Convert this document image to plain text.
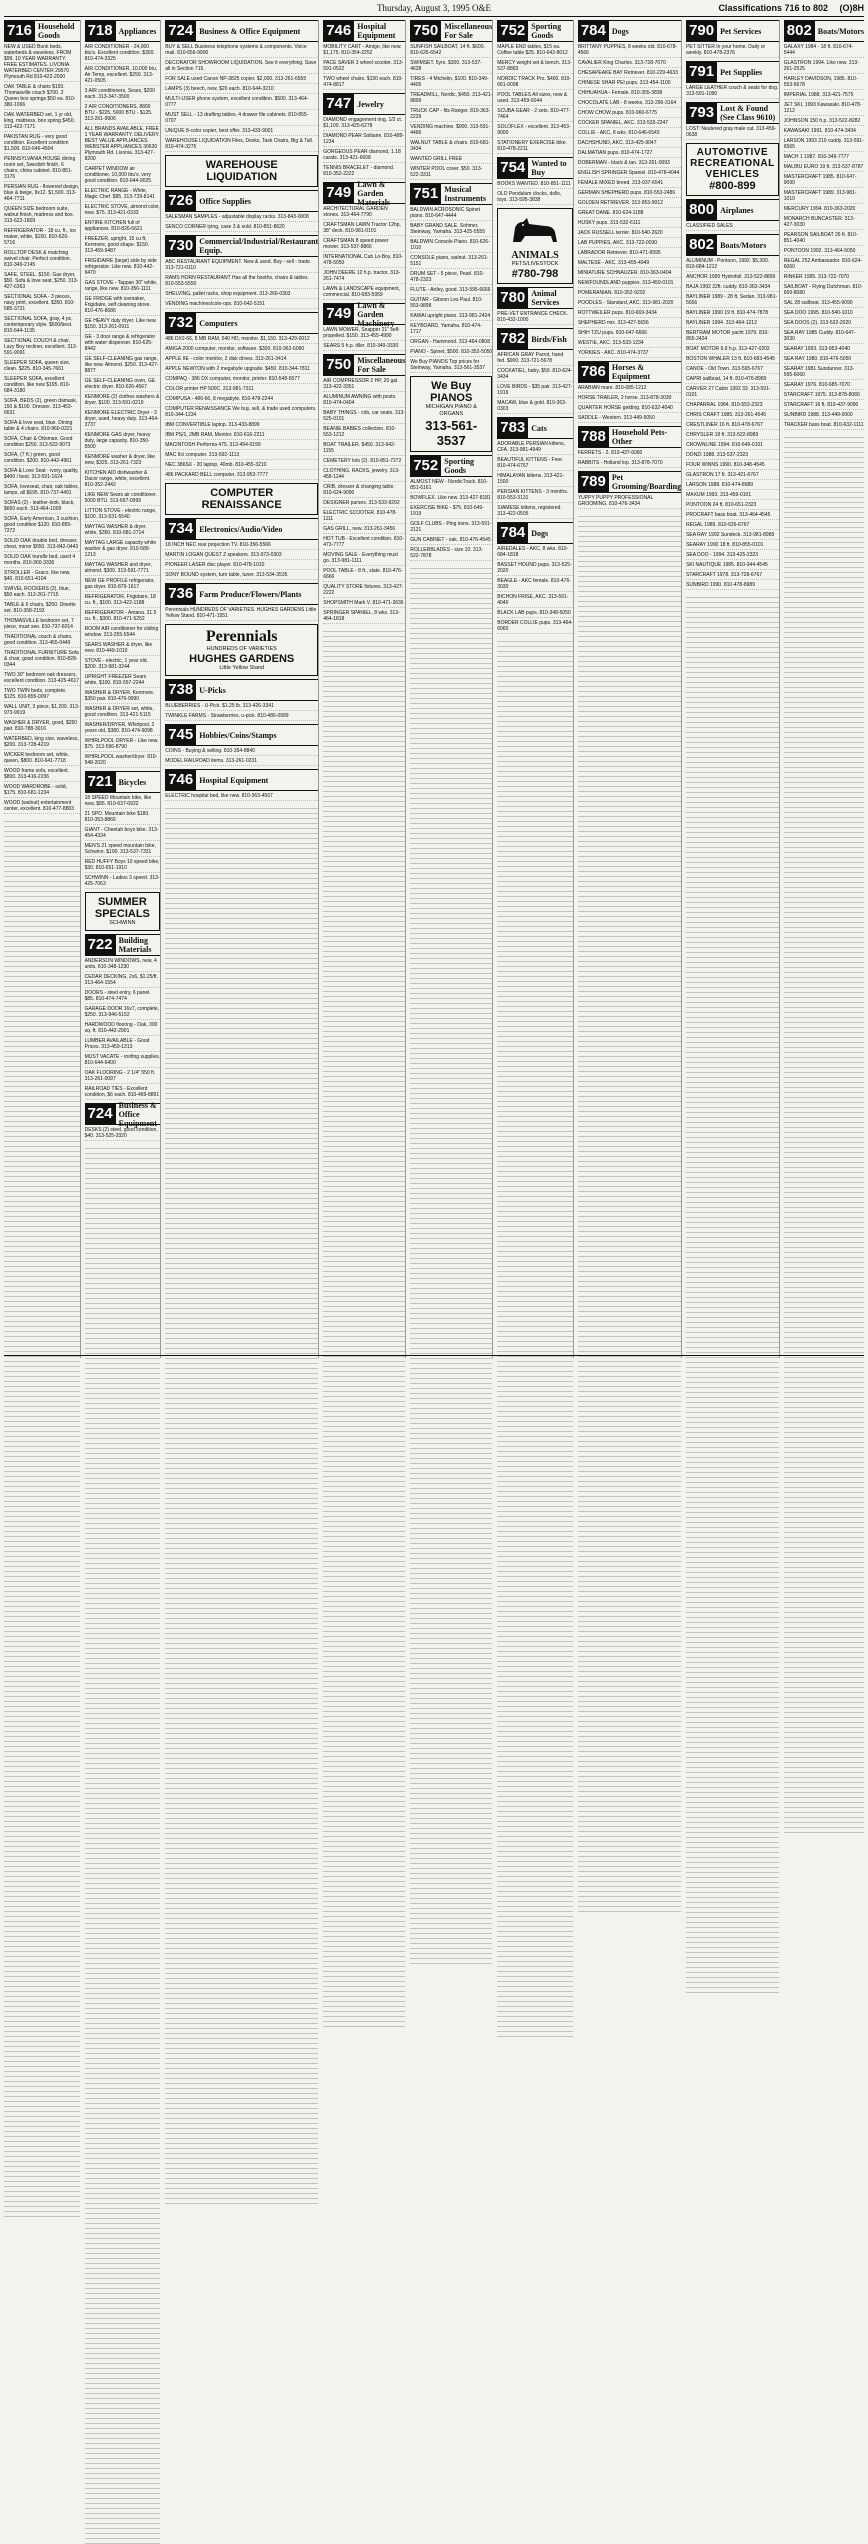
Thursday, August 3, 1995 O&E	Classifications 716 to 802 (O)8H
716 Household Goods
NEW & USED Bunk beds, waterbeds & waveless. FROM $99. 10 YEAR WARRANTY. FREE ESTIMATES. LIVONIA WATERBED CENTER 29570 Plymouth Rd 810-422-2000
OAK TABLE & chairs $150. Thomasville couch $700. 2 Queen box springs $50 ea. 810-380-1066
OAK WATERBED set, 1 yr old, king, mattress, box spring $450. 313-422-7171
PAKISTAN RUG - very good condition. Excellent condition $1,500. 810-646-4504
PENNSYLVANIA HOUSE dining room set, Swedish finish, 6 chairs, china cabinet. 810-851-3176
PERSIAN RUG - flowered design, blue & beige, 9x12. $1,500. 313-464-7711
QUEEN SIZE bedroom suite, walnut finish, mattress and box. 313-622-1809
REFRIGERATOR - 18 cu. ft., ice maker, white, $150. 810-626-5716
ROLLTOP DESK & matching swivel chair. Perfect condition. 810-349-2145
SAFE, STEEL. $150. Gas dryer, $50. Sofa & love seat, $250. 313-427-6363
SECTIONAL SOFA - 3 pieces, navy print, excellent. $350. 810-585-3721
SECTIONAL SOFA, gray, 4 pc, contemporary style. $600/best. 810-644-1135
SECTIONAL COUCH & chair, Lazy Boy recliner, excellent. 313-591-9091
SLEEPER SOFA, queen size, clean. $225. 810-345-7661
SLEEPER SOFA, excellent condition, like new $195. 810-684-3180
SOFA, BEDS (2), green damask, 150 & $100. Dresser. 313-453-6631
SOFA & love seat, blue. Dining table & 4 chairs. 810-960-0321
SOFA, Chair & Ottoman. Good condition $250. 313-522-9073
SOFA, (7 ft.) green, good condition. $200. 810-442-4961
SOFA & Love Seat - ivory, quality, $400 / best. 313-591-1624
SOFA, loveseat, chair, oak tables, lamps, all $695. 810-737-4491
SOFAS (2) - leather-look, black, $650 each. 313-464-1009
SOFA, Early American, 3 cushion, good condition $120. 810-855-7272
SOLID OAK double bed, dresser, chest, mirror $650. 313-842-0443
SOLID OAK trundle bed, used 4 months. 810-360-3336
STROLLER - Graco, like new, $40. 810-651-4104
SWIVEL ROCKERS (2), blue, $50 each. 313-261-7715
TABLE & 6 chairs, $250. Dinette set. 810-358-2193
THOMASVILLE bedroom set, 7 piece, must see. 810-737-6014
TRADITIONAL couch & chairs, good condition. 313-455-0449
TRADITIONAL FURNITURE Sofa & chair, good condition. 810-828-0344
TWO 30" bedroom oak dressers, excellent condition. 313-425-4617
TWO TWIN beds, complete. $125. 810-855-0097
WALL UNIT, 3 piece, $1,200. 313-973-9919
WASHER & DRYER, good, $250 pair. 810-788-3016
WATERBED, king size, waveless, $200. 313-728-4219
WICKER bedroom set, white, queen, $800. 810-641-7718
WOOD frame sofa, excellent. $800. 313-416-2236
WOOD WARDROBE - solid, $175. 810-681-1234
WOOD (walnut) entertainment center, excellent. 810-477-8803
718 Appliances
AIR CONDITIONER - 24,000 btu's. Excellent condition. $300. 810-474-3325
AIR CONDITIONER, 10,000 btu, Air Temp, excellent. $250. 313-421-0505
3 AIR conditioners, Sears, $200 each. 313-347-3500
2 AIR CONDITIONERS, 8800 BTU - $225, 5000 BTU - $125. 313-261-9906
ALL BRANDS AVAILABLE. FREE 1 YEAR WARRANTY. DELIVERY. BEST VALUE APPLIANCES. WEBSTER APPLIANCES 30630 Plymouth Rd. Livonia. 313-427-8200
CARPET WINDOW air conditioner, 10,000 btu's, very good condition. 810-644-9025
ELECTRIC RANGE - White, Magic Chef. $85. 313-729-8141
ELECTRIC STOVE, almond color, new. $75. 313-421-0333
ENTIRE KITCHEN full of appliances. 810-826-6621
FREEZER, upright, 15 cu ft, Kenmore, good shape. $150. 313-459-9487
FRIGIDAIRE (large) side by side refrigerator. Like new. 810-442-9470
GAS STOVE - Tappan 30" white, range, like new. 810-356-1111
GE FRIDGE with icemaker, Frigidaire, self cleaning stove. 810-476-8686
GE HEAVY duty dryer. Like new. $150. 313-261-0911
GE - 3 door range & refrigerator with water dispenser. 810-625-8442
GE SELF-CLEANING gas range, like new. Almond. $250. 313-427-8877
GE SELF-CLEANING oven, GE electric dryer. 810-626-4567
KENMORE (2) clothes washers & dryer. $100. 313-591-0219
KENMORE ELECTRIC Dryer - 3 dryer, used, heavy duty. 313-464-3737
KENMORE GAS dryer, heavy duty, large capacity. 810-350-5500
KENMORE washer & dryer, like new, $325. 313-261-7323
KITCHEN AID dishwasher & Dacor range, white, excellent. 810-352-2442
LIKE NEW Sears air conditioner. 5000 BTU. 313-697-0999
LITTON STOVE - electric range, $100. 313-531-5540
MAYTAG WASHER & dryer, white, $350. 810-681-2714
MAYTAG LARGE capacity white washer & gas dryer. 810-589-1213
MAYTAG WASHER and dryer, almond. $300. 313-591-7771
NEW GE PROFILE refrigerator, gas dryer. 810-879-1617
REFRIGERATOR, Frigidaire, 18 cu. ft., $100. 313-422-1188
REFRIGERATOR - Amana. 21.5 cu. ft., $300. 810-471-5252
ROOM AIR conditioner for sliding window. 313-255-5544
SEARS WASHER & dryer, like new. 810-449-1010
STOVE - electric, 1 year old. $200. 313-981-3244
UPRIGHT FREEZER Sears white, $100. 810-557-2244
WASHER & DRYER, Kenmore. $350 pair. 810-476-9990
WASHER & DRYER set, white, good condition. 313-421-5115
WASHER/DRYER, Whirlpool, 2 years old, $380. 810-474-9098
WHIRLPOOL DRYER - Like new. $75. 313-596-8790
WHIRLPOOL washer/dryer. 810-548-2020
721 Bicycles
18 SPEED Mountain bike, like new, $85. 810-637-0922
21 SPD. Mountain bike $180. 810-353-8866
GIANT - Cheetah boys bike. 313-454-4334
MEN'S 21 speed mountain bike, Schwinn. $100. 313-537-7331
RED HUFFY Boys 10 speed bike, $30. 810-651-1910
SCHWINN - Ladies 3 speed. 313-425-7063
SUMMER SPECIALS
SCHWINN
722 Building Materials
ANDERSON WINDOWS, new, 4 units. 810-348-1230
CEDAR DECKING, 2x6, $1.25/ft. 313-464-1554
DOORS - steel entry, 6 panel. $85. 810-474-7474
GARAGE DOOR 16x7, complete, $250. 313-946-5152
HARDWOOD flooring - Oak, 300 sq. ft. 810-442-2901
LUMBER AVAILABLE - Good Prices. 313-459-1313
MUST VACATE - roofing supplies. 810-644-6400
OAK FLOORING - 2 1/4" 550 ft. 313-261-0097
RAILROAD TIES - Excellent condition, $6 each. 810-469-8891
724 Business & Office Equipment
DESKS (2) steel, good condition, $40. 313-525-3320
724 Business & Office Equipment
BUY & SELL Business telephone systems & components. Voice mail. 810-656-9900
DECORATOR SHOWROOM LIQUIDATION. See it everything. Save all in Section 715.
FOR SALE used Canon NP-3825 copier. $2,000. 313-261-6565
LAMPS (3) beech, new, $20 each. 810-644-3210
MULTI-USER phone system, excellent condition. $500. 313-464-0777
MUST SELL - 13 drafting tables, 4 drawer file cabinets. 810-855-0707
UNIQUE 8-color copier, best offer. 313-433-9001
WAREHOUSE LIQUIDATION Files, Desks, Task Chairs, Big & Tall. 810-474-3275
WAREHOUSE
LIQUIDATION
726 Office Supplies
SALESMAN SAMPLES - adjustable display racks. 313-843-0008
SENCO CORNER tying, case 3 & sold. 810-851-8620
730 Commercial/Industrial/Restaurant Equip.
ABC RESTAURANT EQUIPMENT. New & used. Buy - sell - trade. 313-721-0110
RAMS HORN RESTAURANT Has all the booths, chairs & tables. 810-553-5550
SHELVING, pallet racks, shop equipment. 313-266-0303
VENDING machines/coin-ops. 810-642-5151
732 Computers
486 DX2-66, 8 MB RAM, 540 HD, monitor. $1,150. 313-429-0012
AMIGA 2000 computer, monitor, software. $300. 810-362-6090
APPLE IIE - color monitor, 2 disk drives. 313-261-3414
APPLE NEWTON with 2 megabyte upgrade. $450. 810-344-7811
COMPAQ - 386 DX computer, monitor, printer. 810-548-5577
COLOR printer HP 500C. 313-981-7311
COMPUSA - 486-66, 8 megabyte. 810-478-2244
COMPUTER RENAISSANCE We buy, sell, & trade used computers. 810-344-1234
IBM CONVERTIBLE laptop. 313-433-8899
IBM PS/1, 2MB RAM, Monitor. 810-616-2211
MACINTOSH Performa 475. 313-454-0199
MAC IIci computer. 313-592-1113
NEC 386SX - 20 laptop, 40mb. 810-455-3210
486 PACKARD BELL computer. 313-953-7777
COMPUTER
RENAISSANCE
734 Electronics/Audio/Video
18 INCH NEC rear projection TV. 810-356-5566
MARTIN LOGAN QUEST Z speakers. 313-973-0303
PIONEER LASER disc player. 810-478-1010
SONY BOUND system, turn table, tuner. 313-534-3535
736 Farm Produce/Flowers/Plants
Perennials HUNDREDS OF VARIETIES. HUGHES GARDENS Little Yellow Stand. 810-471-1551
Perennials
HUNDREDS OF VARIETIES
HUGHES GARDENS
Little Yellow Stand
738 U-Picks
BLUEBERRIES - U-Pick. $1.25 lb. 313-426-3341
TWINKLE FARMS - Strawberries, u-pick. 810-486-0999
745 Hobbies/Coins/Stamps
COINS - Buying & selling. 810-354-8840
MODEL RAILROAD items. 313-261-0231
746 Hospital Equipment
ELECTRIC hospital bed, like new. 810-363-4567
746 Hospital Equipment
MOBILITY CART - Amigo, like new. $1,175. 810-354-2252
PACE SAVER 3 wheel scooter. 313-591-0522
TWO wheel chairs. $150 each. 810-474-8817
747 Jewelry
DIAMOND engagement ring, 1/2 ct. $1,100. 313-425-6278
DIAMOND PEAR Solitaire. 810-489-1234
GORGEOUS PEAR diamond, 1.18 carats. 313-421-6608
TENNIS BRACELET - diamond. 810-352-2222
749 Lawn & Garden Materials
ARCHITECTURAL GARDEN stones. 313-464-7790
CRAFTSMAN LAWN Tractor 12hp, 38" deck. 810-981-0101
CRAFTSMAN 8 speed power mower. 313-537-8866
INTERNATIONAL Cub Lo-Boy. 810-478-5050
JOHN DEERE 12 h.p. tractor. 313-261-7474
LAWN & LANDSCAPE equipment, commercial. 810-683-5959
749 Lawn & Garden Machinery
LAWN MOWER, Snapper 21" self-propelled. $150. 313-455-4990
SEARS 5 h.p. tiller. 810-349-3330
750 Miscellaneous For Sale
AIR COMPRESSOR 2 HP, 20 gal. 313-422-3351
ALUMINUM AWNING with posts. 810-474-0404
BABY THINGS - crib, car seats. 313-525-0101
BEANIE BABIES collection. 810-553-1212
BOAT TRAILER. $450. 313-942-1155
CEMETERY lots (2). 810-851-7272
CLOTHING, RACKS, jewelry. 313-458-1144
CRIB, dresser & changing table. 810-624-9090
DESIGNER purses. 313-533-9292
ELECTRIC SCOOTER. 810-478-1111
GAS GRILL, new. 313-261-3456
HOT TUB - Excellent condition. 810-473-7777
MOVING SALE - Everything must go. 313-981-1111
POOL TABLE - 8 ft., slate. 810-476-6666
QUALITY STORE fixtures. 313-427-2222
SHOPSMITH Mark V. 810-471-3636
SPRINGER SPANIEL, 8 wks. 313-464-1818
750 Miscellaneous For Sale
SUNFISH SAILBOAT, 14 ft. $600. 810-626-6542
SWIMSET. 5yrs. $300. 313-537-4628
TIRES - 4 Michelin, $100. 810-349-4405
TREADMILL, Nordic, $450. 313-421-8899
TRUCK CAP - fits Ranger. 810-363-2229
VENDING machine. $900. 313-591-4466
WALNUT TABLE & chairs. 810-681-3434
WANTED GRILL FREE
WINTER POOL cover. $50. 313-522-3311
751 Musical Instruments
BALDWIN ACROSONIC Spinet piano. 810-647-4444
BABY GRAND SALE. Sohmer, Steinway, Yamaha. 313-425-5555
BALDWIN Console Piano. 810-626-1010
CONSOLE piano, walnut. 313-261-5151
DRUM SET - 5 piece, Pearl. 810-478-2323
FLUTE - Artley, good. 313-595-6666
GUITAR - Gibson Les Paul. 810-553-9898
KAWAI upright piano. 313-981-2424
KEYBOARD, Yamaha. 810-474-1717
ORGAN - Hammond. 313-464-0808
PIANO - Spinet, $500. 810-352-5050
We Buy PIANOS Top prices for Steinway, Yamaha. 313-561-3537
We Buy PIANOS
MICHIGAN PIANO & ORGANS
313-561-3537
752 Sporting Goods
ALMOST NEW - NordicTrack. 810-851-6161
BOWFLEX. Like new. 313-427-8181
EXERCISE BIKE - $75. 810-649-1919
GOLF CLUBS - Ping irons. 313-591-2121
GUN CABINET - oak. 810-476-4545
ROLLERBLADES - size 10. 313-522-7878
752 Sporting Goods
MAPLE END tables, $15 ea. Coffee table $25. 810-642-8012
MERCY weight set & bench. 313-537-8883
NORDIC TRACK Pro. $400. 810-661-0098
POOL TABLES All sizes, new & used. 313-459-6044
SCUBA GEAR - 2 sets. 810-477-7464
SOLOFLEX - excellent. 313-453-9000
STATIONERY EXERCISE bike. 810-478-2211
754 Wanted to Buy
BOOKS WANTED. 810-851-1111
OLD Pendulum clocks, dolls, toys. 313-595-3838
ANIMALS
PETS/LIVESTOCK
#780-798
780 Animal Services
PRE-VET ENTRANCE CHECK. 810-432-1000
782 Birds/Fish
AFRICAN GRAY Parrot, hand fed. $900. 313-721-5678
COCKATIEL, baby, $50. 810-624-3434
LOVE BIRDS - $35 pair. 313-427-1919
MACAW, blue & gold. 810-363-0303
783 Cats
ADORABLE PERSIAN kittens, CFA. 313-981-4949
BEAUTIFUL KITTENS - Free. 810-474-6767
HIMALAYAN kittens. 313-421-1500
PERSIAN KITTENS - 3 months. 810-553-3131
SIAMESE kittens, registered. 313-422-0505
784 Dogs
AIREDALES - AKC, 8 wks. 810-684-1818
BASSET HOUND pups. 313-525-2020
BEAGLE - AKC female. 810-476-3030
BICHON FRISE, AKC. 313-591-4040
BLACK LAB pups. 810-348-5050
BORDER COLLIE pups. 313-464-6060
784 Dogs
BRITTANY PUPPIES, 8 weeks old. 810-678-4566
CAVALIER King Charles. 313-728-7070
CHESAPEAKE BAY Retriever. 810-229-4633
CHINESE SHAR PEI pups. 313-454-1100
CHIHUAHUA - Female. 810-355-3838
CHOCOLATE LAB - 8 weeks. 313-296-3164
CHOW CHOW pups. 810-960-6775
COCKER SPANIEL, AKC. 313-533-2247
COLLIE - AKC, 8 wks. 810-646-6543
DACHSHUND, AKC. 313-425-9047
DALMATIAN pups. 810-474-1727
DOBERMAN - black & tan. 313-261-0093
ENGLISH SPRINGER Spaniel. 810-478-4044
FEMALE MIXED breed. 313-937-6541
GERMAN SHEPHERD pups. 810-553-2486
GOLDEN RETRIEVER. 313-953-9012
GREAT DANE. 810-624-1188
HUSKY pups. 313-532-6111
JACK RUSSELL terrier. 810-540-2620
LAB PUPPIES, AKC. 313-722-0030
LABRADOR Retriever. 810-471-9595
MALTESE - AKC. 313-455-4949
MINIATURE SCHNAUZER. 810-363-0404
NEWFOUNDLAND puppies. 313-459-0101
POMERANIAN. 810-352-9292
POODLES - Standard, AKC. 313-981-2020
ROTTWEILER pups. 810-669-3434
SHEPHERD mix. 313-427-5656
SHIH TZU pups. 810-647-6666
WESTIE, AKC. 313-533-1234
YORKIES - AKC. 810-474-3737
786 Horses & Equipment
ARABIAN mare. 810-685-1212
HORSE TRAILER, 2 horse. 313-878-3030
QUARTER HORSE gelding. 810-632-4040
SADDLE - Western. 313-449-5050
788 Household Pets-Other
FERRETS - 2. 810-437-6060
RABBITS - Holland lop. 313-878-7070
789 Pet Grooming/Boarding
YUPPY PUPPY PROFESSIONAL GROOMING. 810-476-3434
790 Pet Services
PET SITTER In your home. Daily or weekly. 810-478-2376
791 Pet Supplies
LARGE LEATHER couch & seats for dog. 313-591-1090
793 Lost & Found (See Class 9610)
LOST: Neutered gray male cat. 313-459-0638
AUTOMOTIVE
RECREATIONAL
VEHICLES
#800-899
800 Airplanes
CLASSIFIED SALES
802 Boats/Motors
ALUMINUM - Pontoon, 1992. $5,300. 810-684-1212
ANCHOR 1995 Hydrofoil. 313-522-8899
BAJA 1992 22ft. cuddy. 810-363-3434
BAYLINER 1989 - 28 ft. Sedan. 313-981-5656
BAYLINER 1990 19 ft. 810-474-7878
BAYLINER 1994. 313-464-1212
BERTRAM MOTOR yacht 1979. 810-855-2424
BOAT MOTOR 9.9 h.p. 313-427-0202
BOSTON WHALER 13 ft. 810-683-4545
CANOE - Old Town. 313-595-6767
CAPRI sailboat, 14 ft. 810-476-8989
CARVER 27 Cabin 1992 33. 313-591-0101
CHAPARRAL 1984. 810-553-2323
CHRIS CRAFT 1985. 313-261-4545
CRESTLINER 16 ft. 810-478-6767
CHRYSLER 18 ft. 313-522-8989
CROWNLINE 1994. 810-649-0101
DONZI 1988. 313-537-2323
FOUR WINNS 1990. 810-348-4545
GLASTRON 17 ft. 313-421-6767
LARSON 1988. 810-474-8989
MAXUM 1993. 313-459-0101
PONTOON 24 ft. 810-651-2323
PROCRAFT bass boat. 313-464-4545
REGAL 1989. 810-626-6767
SEA RAY 1992 Sundeck. 313-981-8989
SEARAY 1990 18 ft. 810-855-0101
SEA DOO - 1994. 313-425-2323
SKI NAUTIQUE 1985. 810-344-4545
STARCRAFT 1978. 313-728-6767
SUNBIRD 1990. 810-478-8989
802 Boats/Motors
GALAXY 1984 - 18 ft. 810-674-5444
GLASTRON 1994. Like new. 313-261-2525
HARLEY DAVIDSON, 1985. 810-553-5678
IMPERIAL 1988. 313-421-7575
JET SKI, 1993 Kawasaki. 810-478-1212
JOHNSON 150 h.p. 313-522-8282
KAWASAKI 1991. 810-474-3434
LARSON 1993 210 cuddy. 313-591-6565
MACH 1 1987. 810-349-7777
MALIBU EURO 19 ft. 313-537-8787
MASTERCRAFT 1985. 810-647-9090
MASTERCRAFT 1989. 313-981-1010
MERCURY 1994. 810-363-2020
MONARCH BUNCASTER. 313-427-3030
PEARSON SAILBOAT 26 ft. 810-851-4040
PONTOON 1992. 313-464-5050
REGAL 252 Ambassador. 810-624-6060
RINKER 1995. 313-722-7070
SAILBOAT - Flying Dutchman. 810-669-8080
SAL 28 sailboat. 313-455-9090
SEA DOO 1995. 810-540-1010
SEA DOOS (2). 313-532-2020
SEA RAY 1985 Cuddy. 810-647-3030
SEARAY 1993. 313-953-4040
SEA RAY 1980. 810-476-5050
SEARAY 1981 Sundancer. 313-595-6060
SEARAY 1976. 810-685-7070
STARCRAFT 1975. 313-878-8080
STARCRAFT 16 ft. 810-437-9090
SUNBIRD 1988. 313-449-0000
TRACKER bass boat. 810-632-1111
